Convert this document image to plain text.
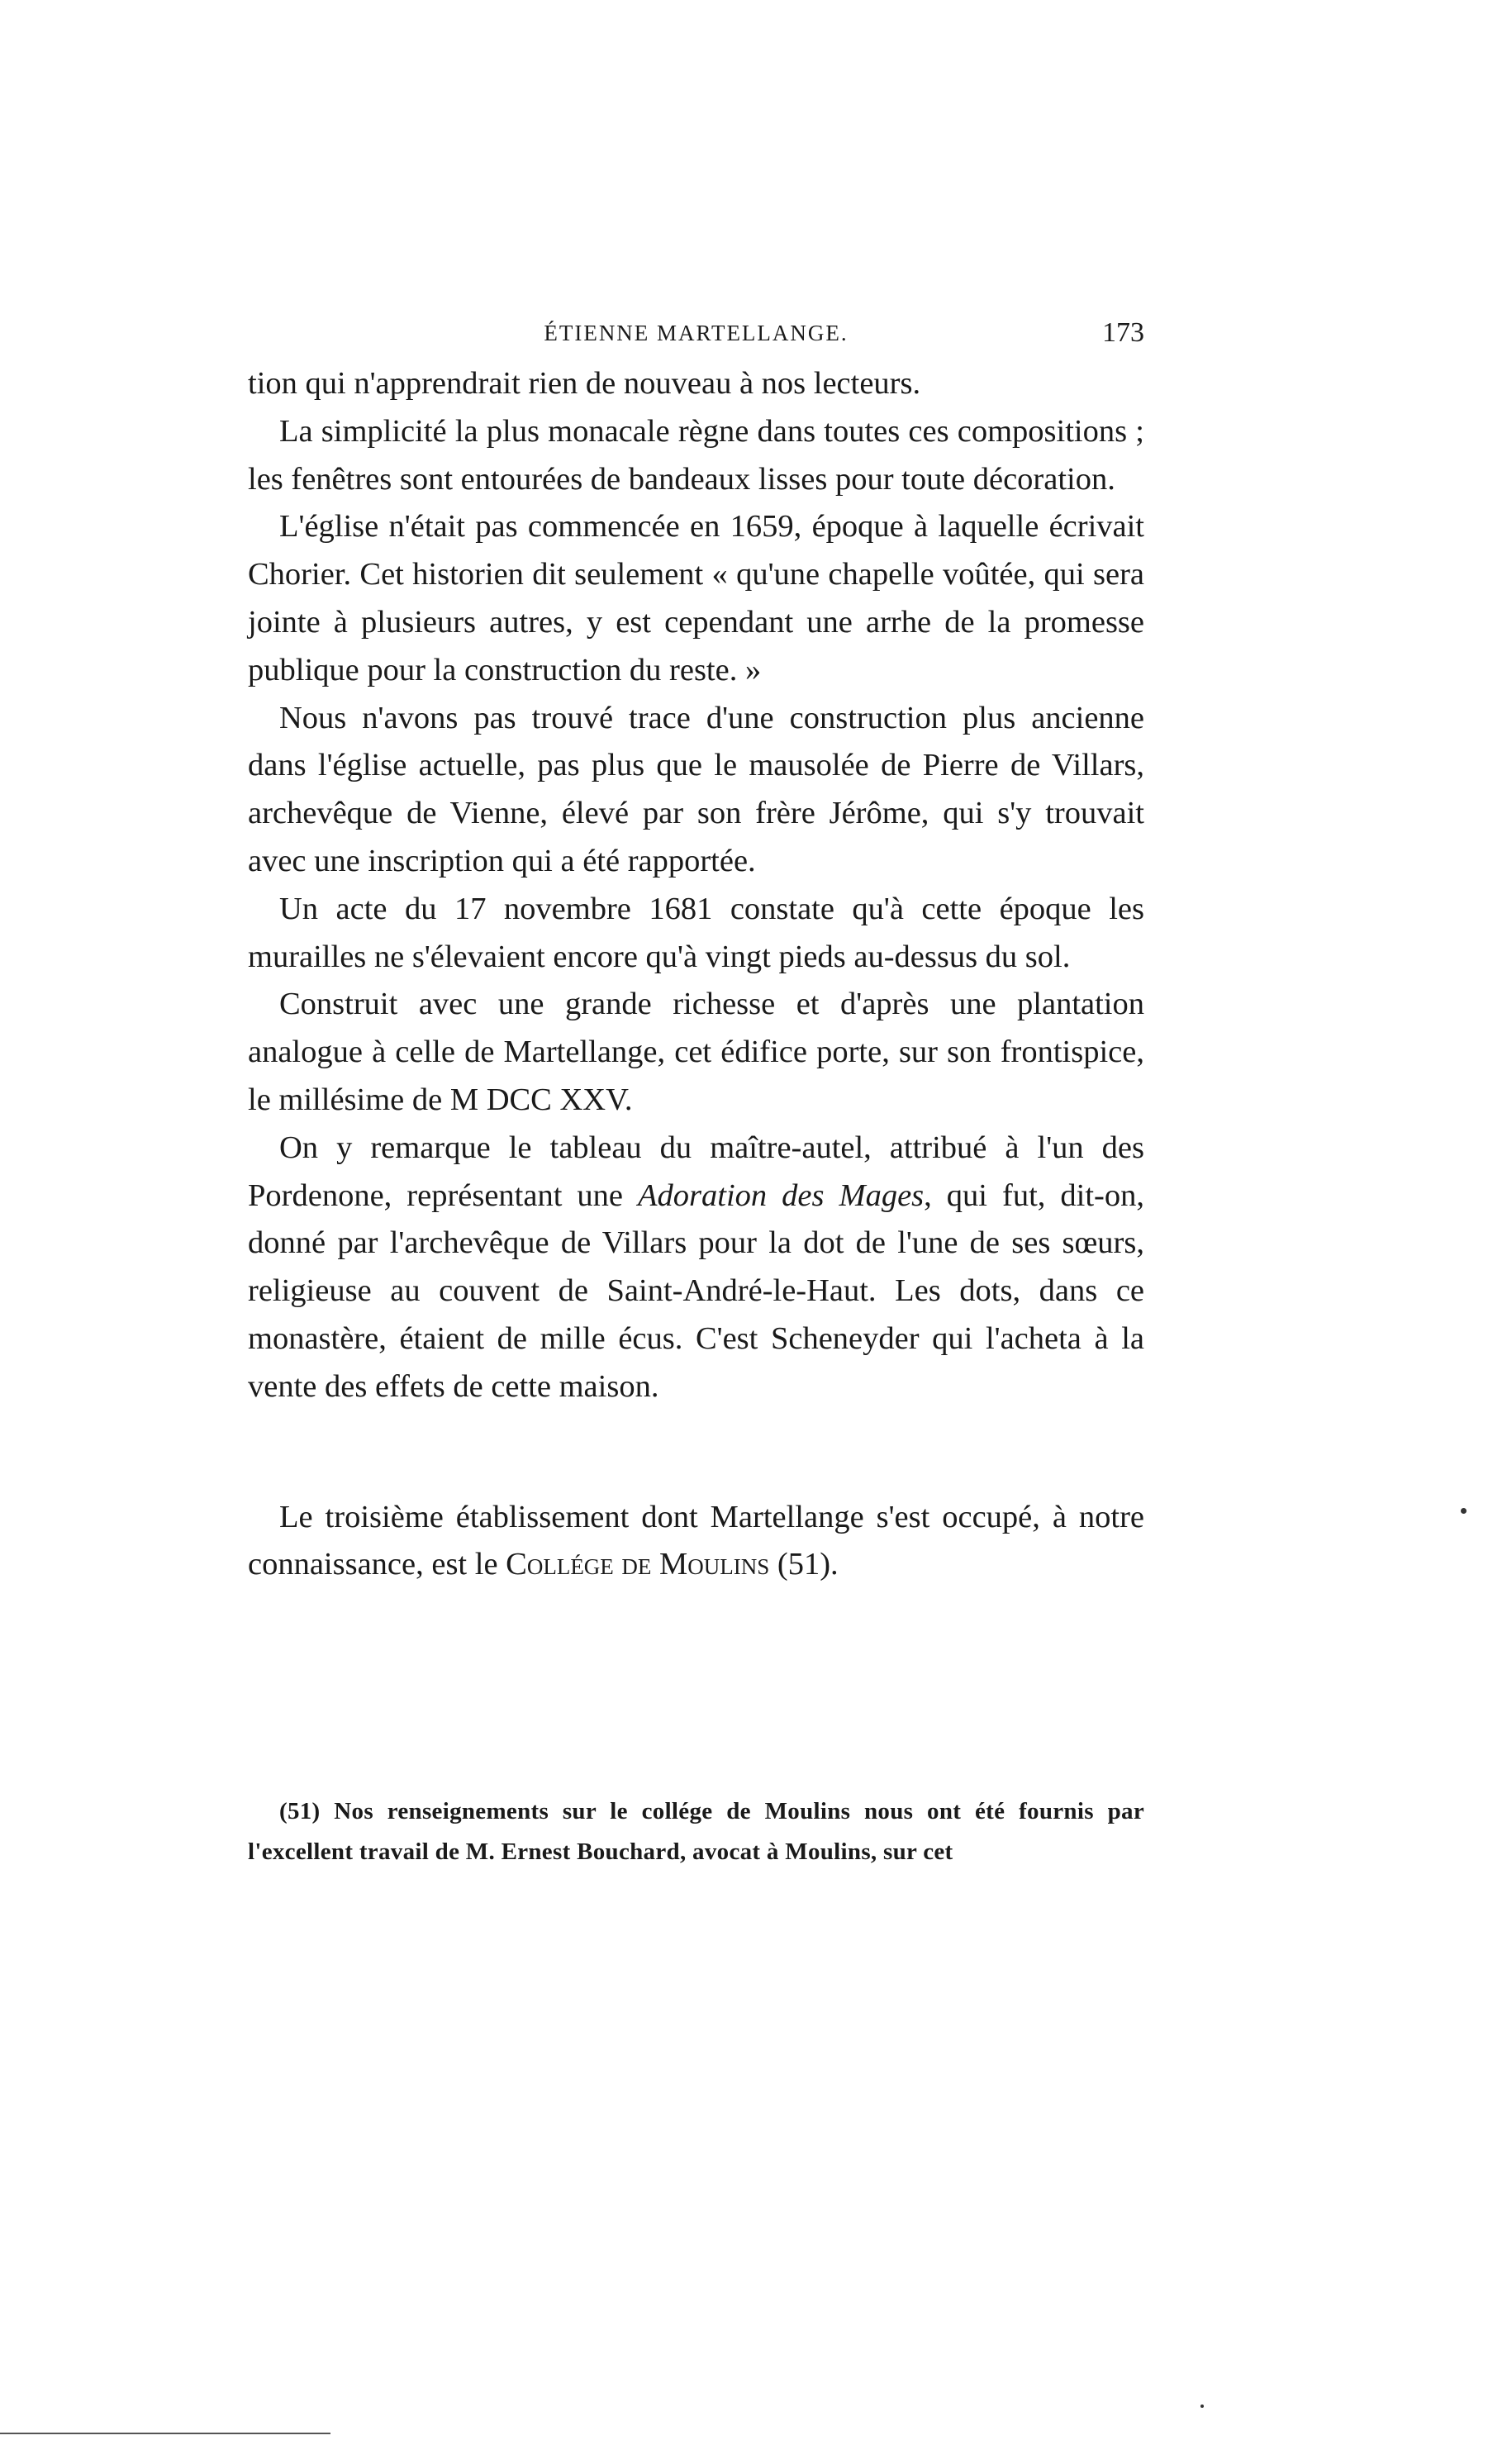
ÉTIENNE MARTELLANGE.	173

tion qui n'apprendrait rien de nouveau à nos lecteurs.

La simplicité la plus monacale règne dans toutes ces compositions ; les fenêtres sont entourées de bandeaux lisses pour toute décoration.

L'église n'était pas commencée en 1659, époque à laquelle écrivait Chorier. Cet historien dit seulement « qu'une chapelle voûtée, qui sera jointe à plusieurs autres, y est cependant une arrhe de la promesse publique pour la construction du reste. »

Nous n'avons pas trouvé trace d'une construction plus ancienne dans l'église actuelle, pas plus que le mausolée de Pierre de Villars, archevêque de Vienne, élevé par son frère Jérôme, qui s'y trouvait avec une inscription qui a été rapportée.

Un acte du 17 novembre 1681 constate qu'à cette époque les murailles ne s'élevaient encore qu'à vingt pieds au-dessus du sol.

Construit avec une grande richesse et d'après une plantation analogue à celle de Martellange, cet édifice porte, sur son frontispice, le millésime de M DCC XXV.

On y remarque le tableau du maître-autel, attribué à l'un des Pordenone, représentant une Adoration des Mages, qui fut, dit-on, donné par l'archevêque de Villars pour la dot de l'une de ses sœurs, religieuse au couvent de Saint-André-le-Haut. Les dots, dans ce monastère, étaient de mille écus. C'est Scheneyder qui l'acheta à la vente des effets de cette maison.

Le troisième établissement dont Martellange s'est occupé, à notre connaissance, est le Collége de Moulins (51).

(51) Nos renseignements sur le collége de Moulins nous ont été fournis par l'excellent travail de M. Ernest Bouchard, avocat à Moulins, sur cet
